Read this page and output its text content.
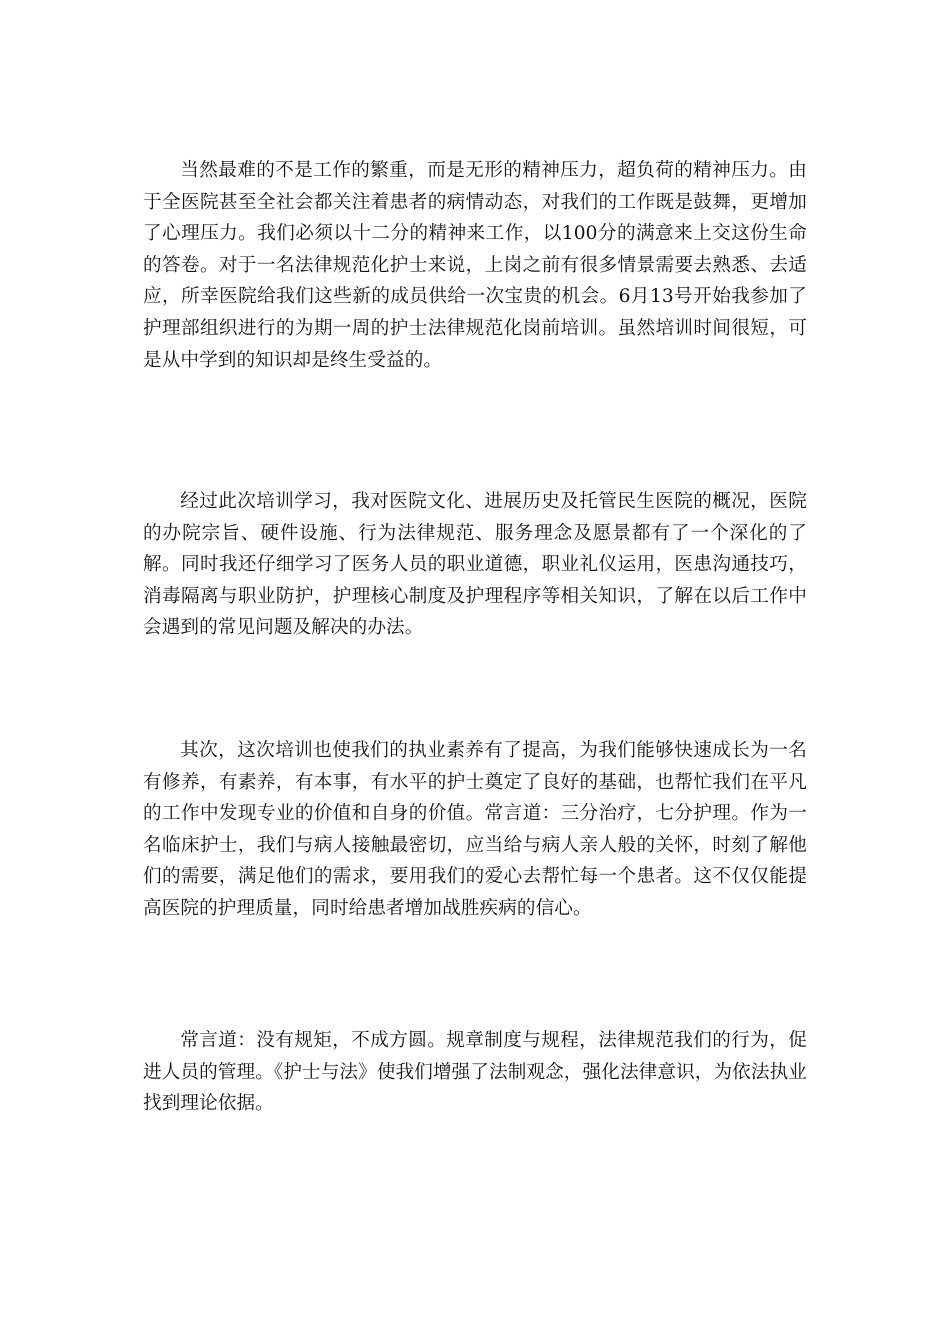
当然最难的不是工作的繁重，而是无形的精神压力，超负荷的精神压力。由于全医院甚至全社会都关注着患者的病情动态，对我们的工作既是鼓舞，更增加了心理压力。我们必须以十二分的精神来工作，以100分的满意来上交这份生命的答卷。对于一名法律规范化护士来说，上岗之前有很多情景需要去熟悉、去适应，所幸医院给我们这些新的成员供给一次宝贵的机会。6月13号开始我参加了护理部组织进行的为期一周的护士法律规范化岗前培训。虽然培训时间很短，可是从中学到的知识却是终生受益的。

经过此次培训学习，我对医院文化、进展历史及托管民生医院的概况，医院的办院宗旨、硬件设施、行为法律规范、服务理念及愿景都有了一个深化的了解。同时我还仔细学习了医务人员的职业道德，职业礼仪运用，医患沟通技巧，消毒隔离与职业防护，护理核心制度及护理程序等相关知识，了解在以后工作中会遇到的常见问题及解决的办法。

其次，这次培训也使我们的执业素养有了提高，为我们能够快速成长为一名有修养，有素养，有本事，有水平的护士奠定了良好的基础，也帮忙我们在平凡的工作中发现专业的价值和自身的价值。常言道：三分治疗，七分护理。作为一名临床护士，我们与病人接触最密切，应当给与病人亲人般的关怀，时刻了解他们的需要，满足他们的需求，要用我们的爱心去帮忙每一个患者。这不仅仅能提高医院的护理质量，同时给患者增加战胜疾病的信心。

常言道：没有规矩，不成方圆。规章制度与规程，法律规范我们的行为，促进人员的管理。《护士与法》使我们增强了法制观念，强化法律意识，为依法执业找到理论依据。
